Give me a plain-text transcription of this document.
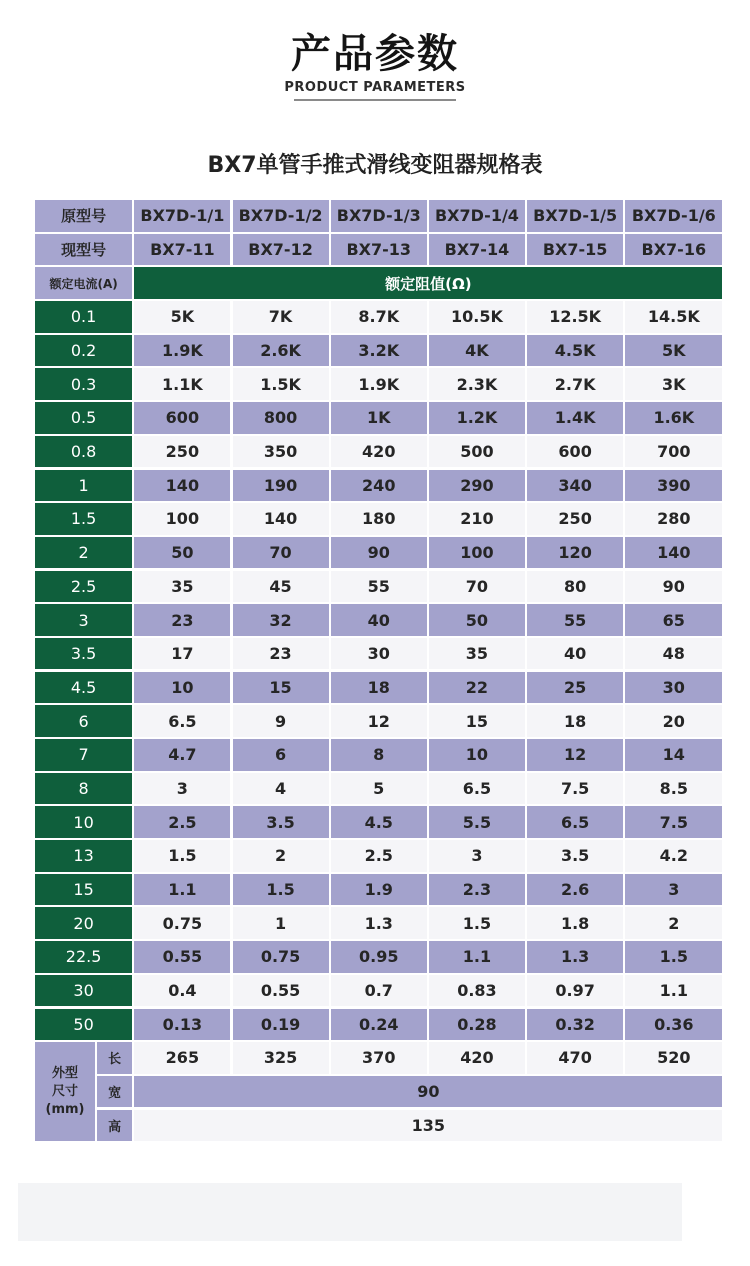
产品参数
PRODUCT PARAMETERS
BX7单管手推式滑线变阻器规格表
原型号	BX7D-1/1 BX7D-1/2 BX7D-1/3 BX7D-1/4 BX7D-1/5 BX7D-1/6
现型号	BX7-11	BX7-12	BX7-13	BX7-14	BX7-15	BX7-16
额定电流(A)	额定阻值(Ω)
0.1	5K	7K	8.7K	10.5K	12.5K	14.5K
0.2	1.9K	2.6K	3.2K	4K	4.5K	5K
0.3	1.1K	1.5K	1.9K	2.3K	2.7K	3K
0.5	600	800	1K	1.2K	1.4K	1.6K
0.8	250	350	420	500	600	700
1	140	190	240	290	340	390
1.5	100	140	180	210	250	280
2	50	70	90	100	120	140
2.5	35	45	55	70	80	90
3	23	32	40	50	55	65
3.5	17	23	30	35	40	48
4.5	10	15	18	22	25	30
6	6.5	9	12	15	18	20
7	4.7	6	8	10	12	14
8	3	4	5	6.5	7.5	8.5
10	2.5	3.5	4.5	5.5	6.5	7.5
13	1.5	2	2.5	3	3.5	4.2
15	1.1	1.5	1.9	2.3	2.6	3
20	0.75	1	1.3	1.5	1.8	2
22.5	0.55	0.75	0.95	1.1	1.3	1.5
30	0.4	0.55	0.7	0.83	0.97	1.1
50	0.13	0.19	0.24	0.28	0.32	0.36
外型
尺寸
(mm)
长	265	325	370	420	470	520
宽	90
高	135
